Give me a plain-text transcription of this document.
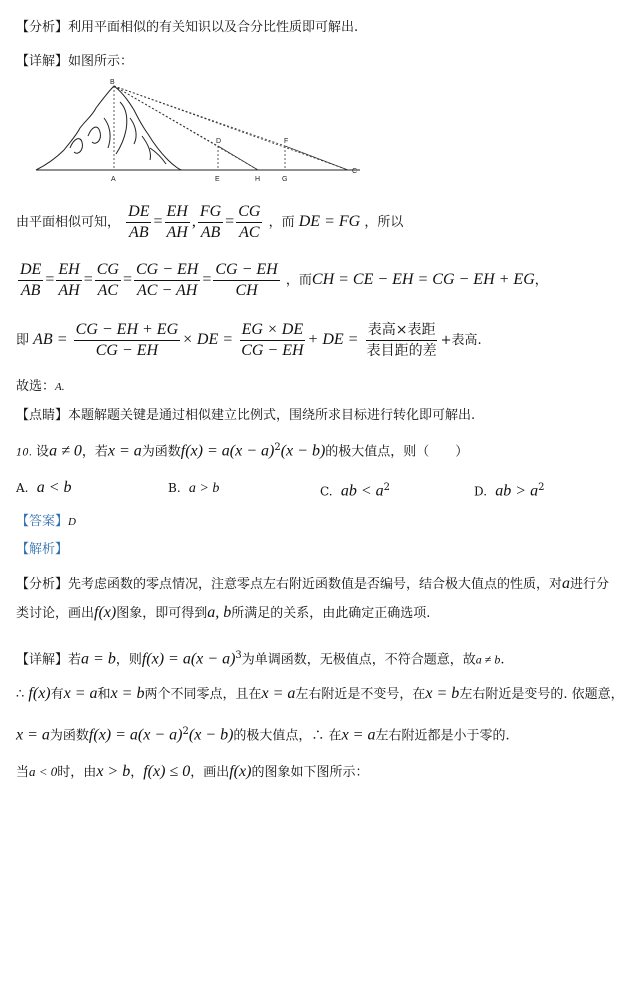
【分析】利用平面相似的有关知识以及合分比性质即可解出.
【详解】如图所示：
B
D	F
A	E	H	G
C
由平面相似可知， $\frac{DE}{AB} = \frac{EH}{AH}$ , $\frac{FG}{AB} = \frac{CG}{AC}$ ，而 DE = FG ，所以
$\frac{DE}{AB} = \frac{EH}{AH} = \frac{CG}{AC} = \frac{CG - EH}{AC - AH} = \frac{CG - EH}{CH}$ ，而CH = CE − EH = CG − EH + EG，
即 AB = $\frac{CG - EH + EG}{CG - EH}$ × DE = $\frac{EG \times DE}{CG - EH}$ + DE = $\frac{\text{表高×表距}}{\text{表目距的差}}$ +表高.
故选：A.
【点睛】本题解题关键是通过相似建立比例式，围绕所求目标进行转化即可解出.
10. 设a ≠ 0，若x = a为函数$f(x) = a(x - a)^2(x - b)$的极大值点，则（　　）
A. a < b	B. a > b	C. ab < $a^2$	D. ab > $a^2$
【答案】D
【解析】
【分析】先考虑函数的零点情况，注意零点左右附近函数值是否编号，结合极大值点的性质，对a进行分
类讨论，画出f(x)图象，即可得到a, b所满足的关系，由此确定正确选项.
【详解】若a = b，则$f(x) = a(x - a)^3$为单调函数，无极值点，不符合题意，故a ≠ b.
∴ f(x)有x = a和x = b两个不同零点，且在x = a左右附近是不变号，在x = b左右附近是变号的. 依题意，
x = a为函数$f(x) = a(x - a)^2(x - b)$的极大值点，∴ 在x = a左右附近都是小于零的.
当a < 0时，由x > b，f(x) ≤ 0，画出f(x)的图象如下图所示：
